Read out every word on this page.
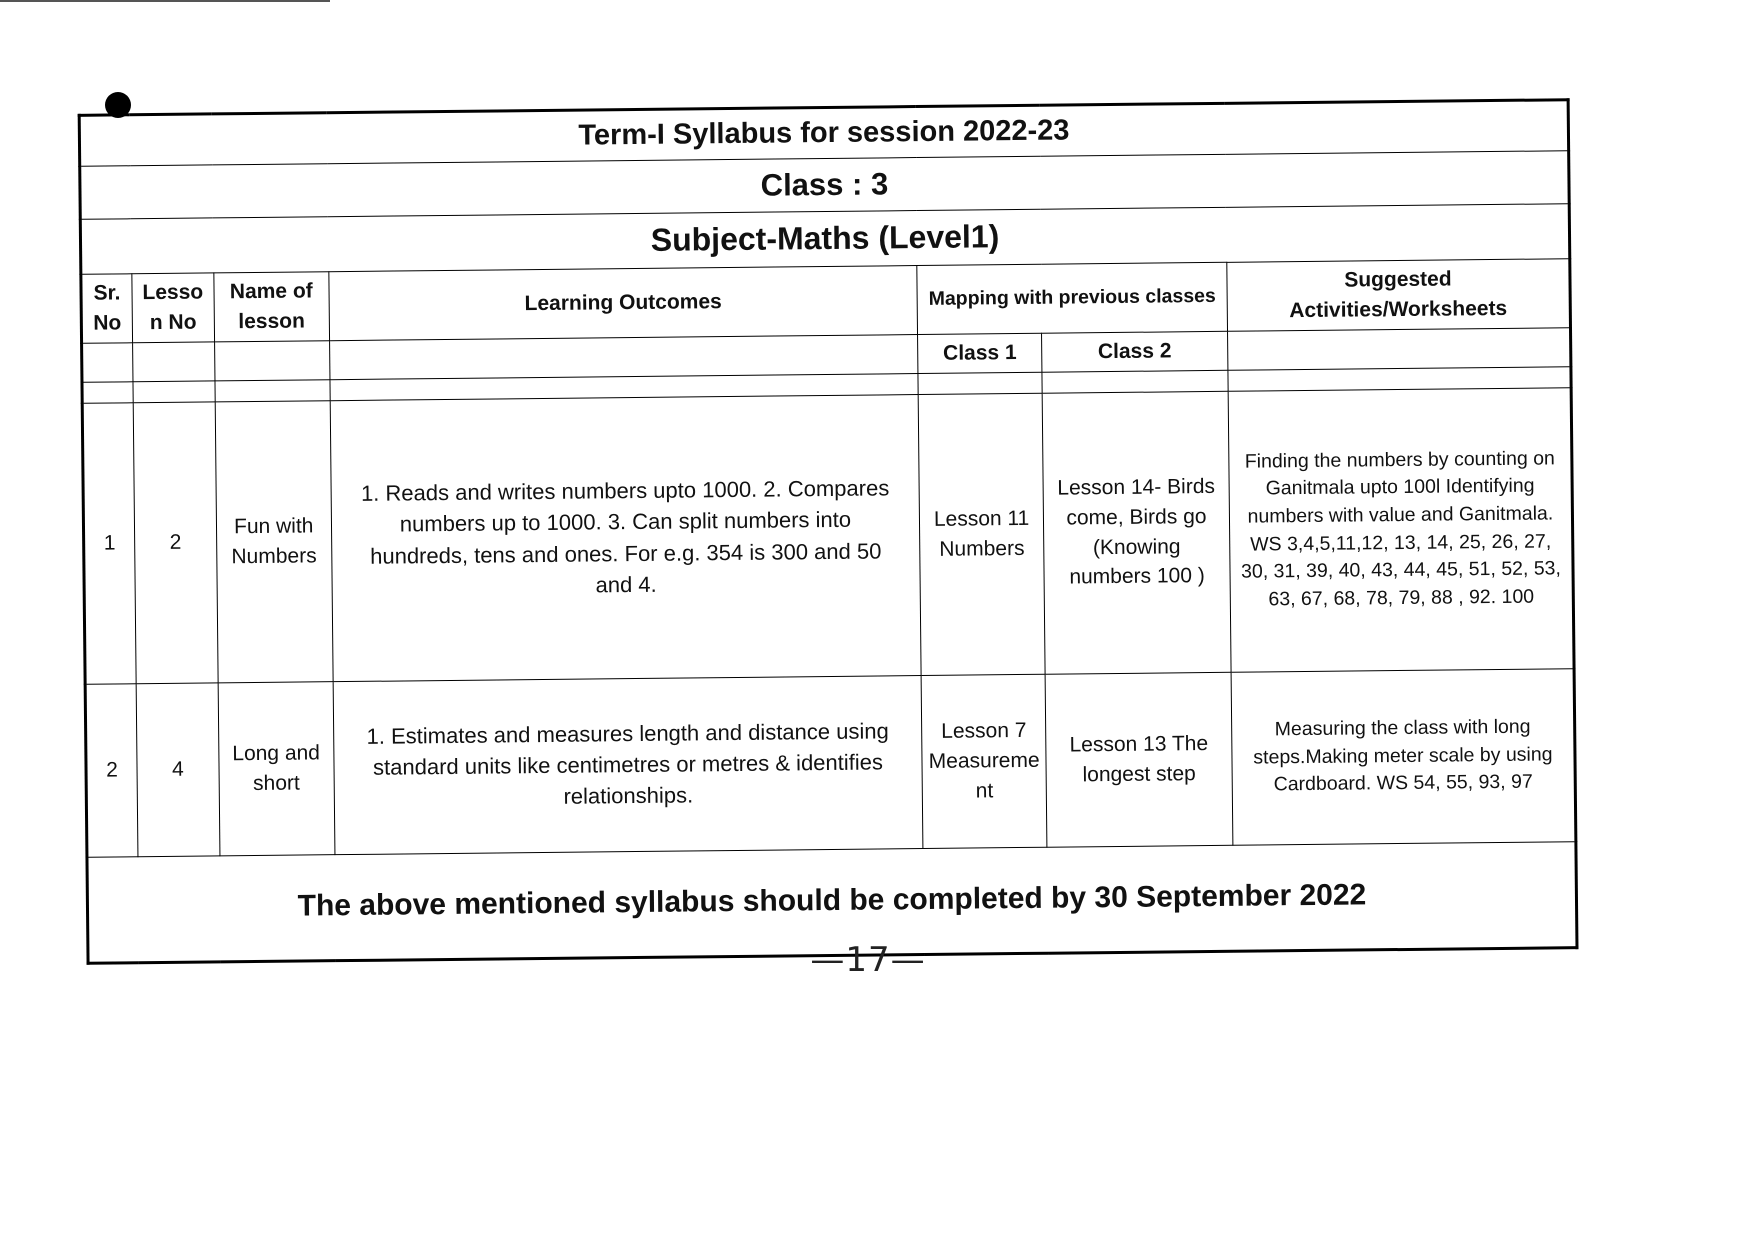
Term-I Syllabus for session 2022-23						
Class : 3						
Subject-Maths (Level1)						
Sr. No	Lesso n No	Name of lesson	Learning Outcomes	Mapping with previous classes		Suggested Activities/Worksheets
				Class 1	Class 2	

1	2	Fun with Numbers	1. Reads and writes numbers upto 1000. 2. Compares numbers up to 1000. 3. Can split numbers into hundreds, tens and ones. For e.g. 354 is 300 and 50 and 4.	Lesson 11 Numbers	Lesson 14- Birds come, Birds go (Knowing numbers 100 )	Finding the numbers by counting on Ganitmala upto 100l Identifying numbers with value and Ganitmala. WS 3,4,5,11,12, 13, 14, 25, 26, 27, 30, 31, 39, 40, 43, 44, 45, 51, 52, 53, 63, 67, 68, 78, 79, 88 , 92. 100
2	4	Long and short	1. Estimates and measures length and distance using standard units like centimetres or metres & identifies relationships.	Lesson 7 Measureme nt	Lesson 13 The longest step	Measuring the class with long steps.Making meter scale by using Cardboard. WS 54, 55, 93, 97
The above mentioned syllabus should be completed by 30 September 2022						
—17—
